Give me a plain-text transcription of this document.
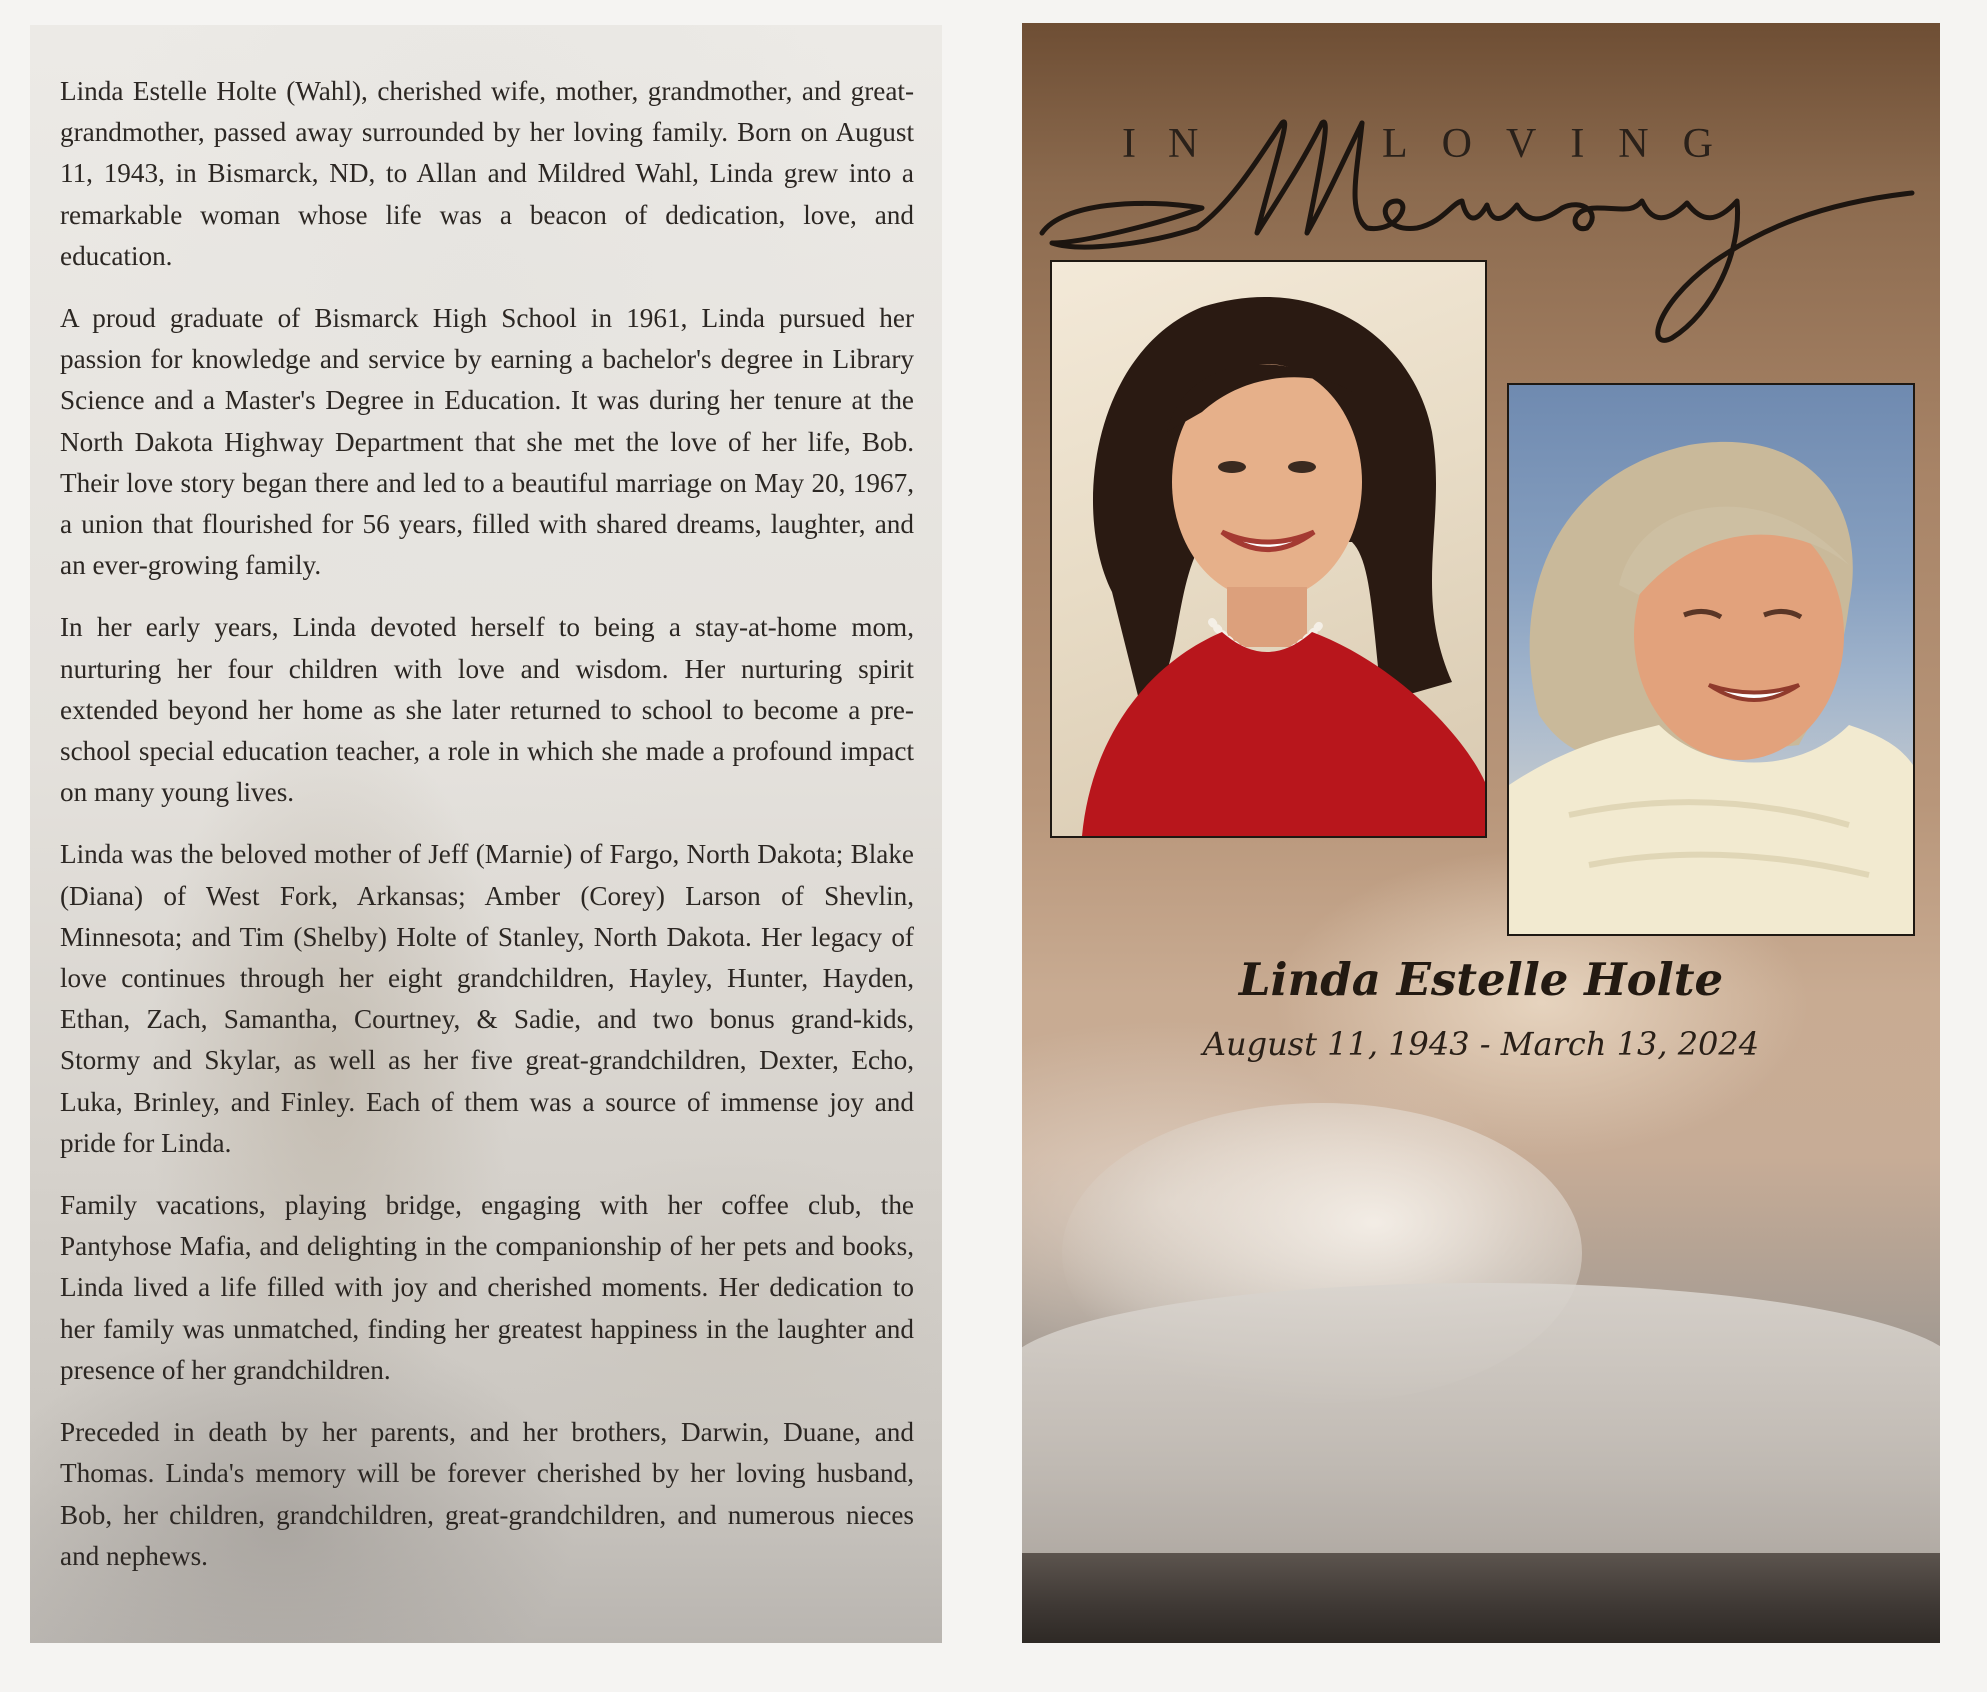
Linda Estelle Holte (Wahl), cherished wife, mother, grandmother, and great-grandmother, passed away surrounded by her loving family. Born on August 11, 1943, in Bismarck, ND, to Allan and Mildred Wahl, Linda grew into a remarkable woman whose life was a beacon of dedication, love, and education.

A proud graduate of Bismarck High School in 1961, Linda pursued her passion for knowledge and service by earning a bachelor's degree in Library Science and a Master's Degree in Education. It was during her tenure at the North Dakota Highway Department that she met the love of her life, Bob. Their love story began there and led to a beautiful marriage on May 20, 1967, a union that flourished for 56 years, filled with shared dreams, laughter, and an ever-growing family.

In her early years, Linda devoted herself to being a stay-at-home mom, nurturing her four children with love and wisdom. Her nurturing spirit extended beyond her home as she later returned to school to become a pre-school special education teacher, a role in which she made a profound impact on many young lives.

Linda was the beloved mother of Jeff (Marnie) of Fargo, North Dakota; Blake (Diana) of West Fork, Arkansas; Amber (Corey) Larson of Shevlin, Minnesota; and Tim (Shelby) Holte of Stanley, North Dakota. Her legacy of love continues through her eight grandchildren, Hayley, Hunter, Hayden, Ethan, Zach, Samantha, Courtney, & Sadie, and two bonus grand-kids, Stormy and Skylar, as well as her five great-grandchildren, Dexter, Echo, Luka, Brinley, and Finley. Each of them was a source of immense joy and pride for Linda.

Family vacations, playing bridge, engaging with her coffee club, the Pantyhose Mafia, and delighting in the companionship of her pets and books, Linda lived a life filled with joy and cherished moments. Her dedication to her family was unmatched, finding her greatest happiness in the laughter and presence of her grandchildren.

Preceded in death by her parents, and her brothers, Darwin, Duane, and Thomas. Linda's memory will be forever cherished by her loving husband, Bob, her children, grandchildren, great-grandchildren, and numerous nieces and nephews.

IN	LOVING
Linda Estelle Holte
August 11, 1943 - March 13, 2024
